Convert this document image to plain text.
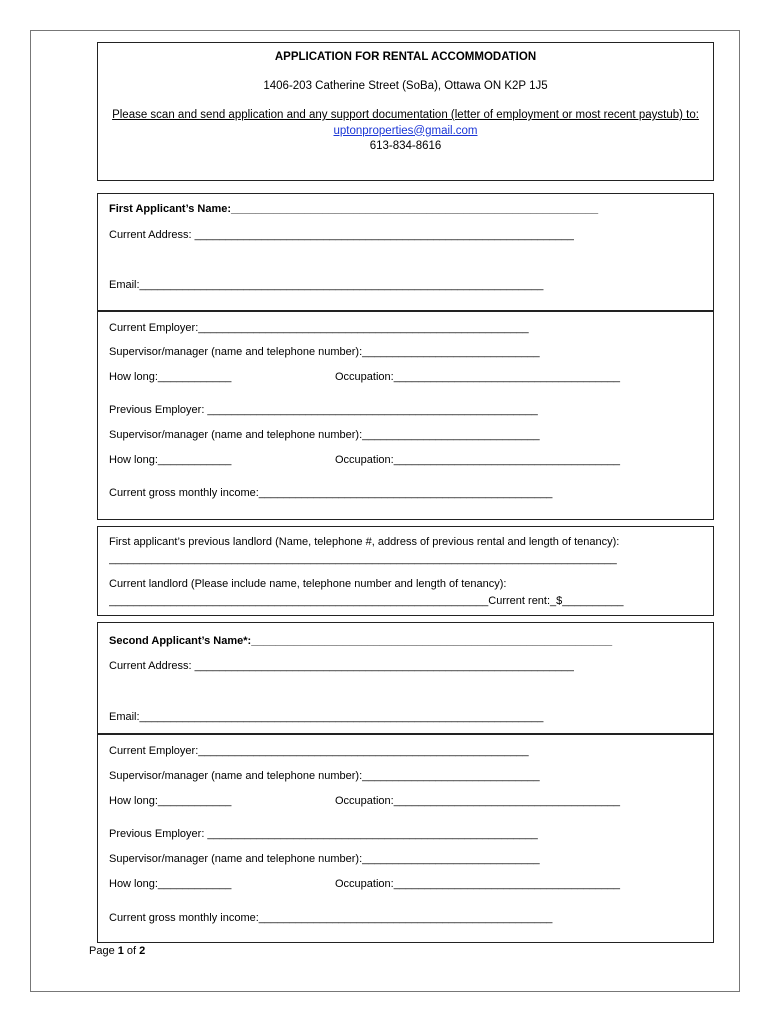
APPLICATION FOR RENTAL ACCOMMODATION
1406-203 Catherine Street (SoBa), Ottawa ON K2P 1J5
Please scan and send application and any support documentation (letter of employment or most recent paystub) to: uptonproperties@gmail.com
613-834-8616
First Applicant’s Name:____________________________________________________________
Current Address: ______________________________________________________________
Email:__________________________________________________________________
Current Employer:______________________________________________________
Supervisor/manager (name and telephone number):_____________________________
How long:____________	Occupation:_____________________________________
Previous Employer: ______________________________________________________
Supervisor/manager (name and telephone number):_____________________________
How long:____________	Occupation:_____________________________________
Current gross monthly income:________________________________________________
First applicant’s previous landlord (Name, telephone #, address of previous rental and length of tenancy):
___________________________________________________________________________________
Current landlord (Please include name, telephone number and length of tenancy):
______________________________________________________________Current rent:_$__________
Second Applicant’s Name*:___________________________________________________________
Current Address: ______________________________________________________________
Email:__________________________________________________________________
Current Employer:______________________________________________________
Supervisor/manager (name and telephone number):_____________________________
How long:____________	Occupation:_____________________________________
Previous Employer: ______________________________________________________
Supervisor/manager (name and telephone number):_____________________________
How long:____________	Occupation:_____________________________________
Current gross monthly income:________________________________________________
Page 1 of 2
